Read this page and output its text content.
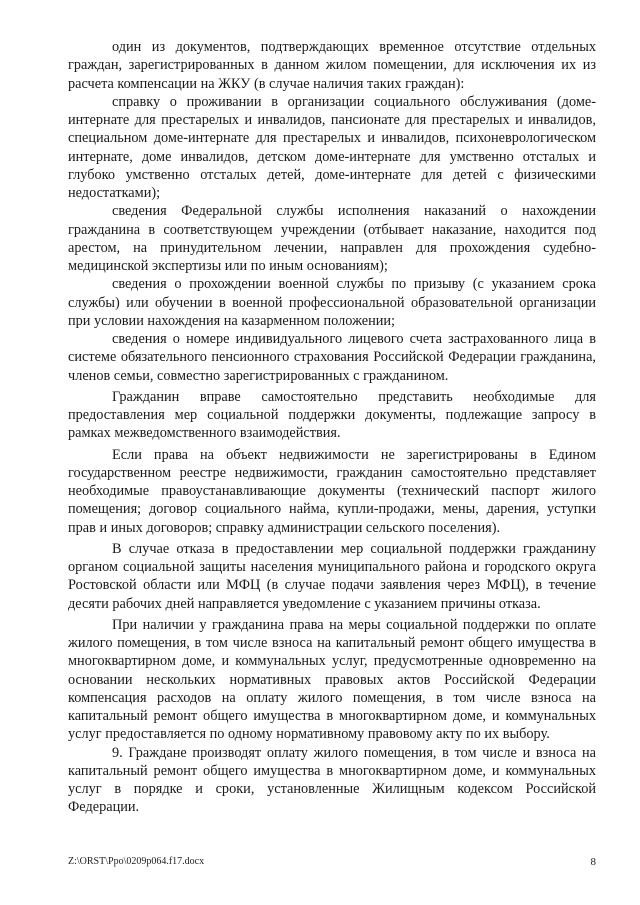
один из документов, подтверждающих временное отсутствие отдельных граждан, зарегистрированных в данном жилом помещении, для исключения их из расчета компенсации на ЖКУ (в случае наличия таких граждан):

справку о проживании в организации социального обслуживания (доме-интернате для престарелых и инвалидов, пансионате для престарелых и инвалидов, специальном доме-интернате для престарелых и инвалидов, психоневрологическом интернате, доме инвалидов, детском доме-интернате для умственно отсталых и глубоко умственно отсталых детей, доме-интернате для детей с физическими недостатками);

сведения Федеральной службы исполнения наказаний о нахождении гражданина в соответствующем учреждении (отбывает наказание, находится под арестом, на принудительном лечении, направлен для прохождения судебно-медицинской экспертизы или по иным основаниям);

сведения о прохождении военной службы по призыву (с указанием срока службы) или обучении в военной профессиональной образовательной организации при условии нахождения на казарменном положении;

сведения о номере индивидуального лицевого счета застрахованного лица в системе обязательного пенсионного страхования Российской Федерации гражданина, членов семьи, совместно зарегистрированных с гражданином.

Гражданин вправе самостоятельно представить необходимые для предоставления мер социальной поддержки документы, подлежащие запросу в рамках межведомственного взаимодействия.

Если права на объект недвижимости не зарегистрированы в Едином государственном реестре недвижимости, гражданин самостоятельно представляет необходимые правоустанавливающие документы (технический паспорт жилого помещения; договор социального найма, купли-продажи, мены, дарения, уступки прав и иных договоров; справку администрации сельского поселения).

В случае отказа в предоставлении мер социальной поддержки гражданину органом социальной защиты населения муниципального района и городского округа Ростовской области или МФЦ (в случае подачи заявления через МФЦ), в течение десяти рабочих дней направляется уведомление с указанием причины отказа.

При наличии у гражданина права на меры социальной поддержки по оплате жилого помещения, в том числе взноса на капитальный ремонт общего имущества в многоквартирном доме, и коммунальных услуг, предусмотренные одновременно на основании нескольких нормативных правовых актов Российской Федерации компенсация расходов на оплату жилого помещения, в том числе взноса на капитальный ремонт общего имущества в многоквартирном доме, и коммунальных услуг предоставляется по одному нормативному правовому акту по их выбору.

9. Граждане производят оплату жилого помещения, в том числе и взноса на капитальный ремонт общего имущества в многоквартирном доме, и коммунальных услуг в порядке и сроки, установленные Жилищным кодексом Российской Федерации.

Z:\ORST\Ppo\0209p064.f17.docx	8
